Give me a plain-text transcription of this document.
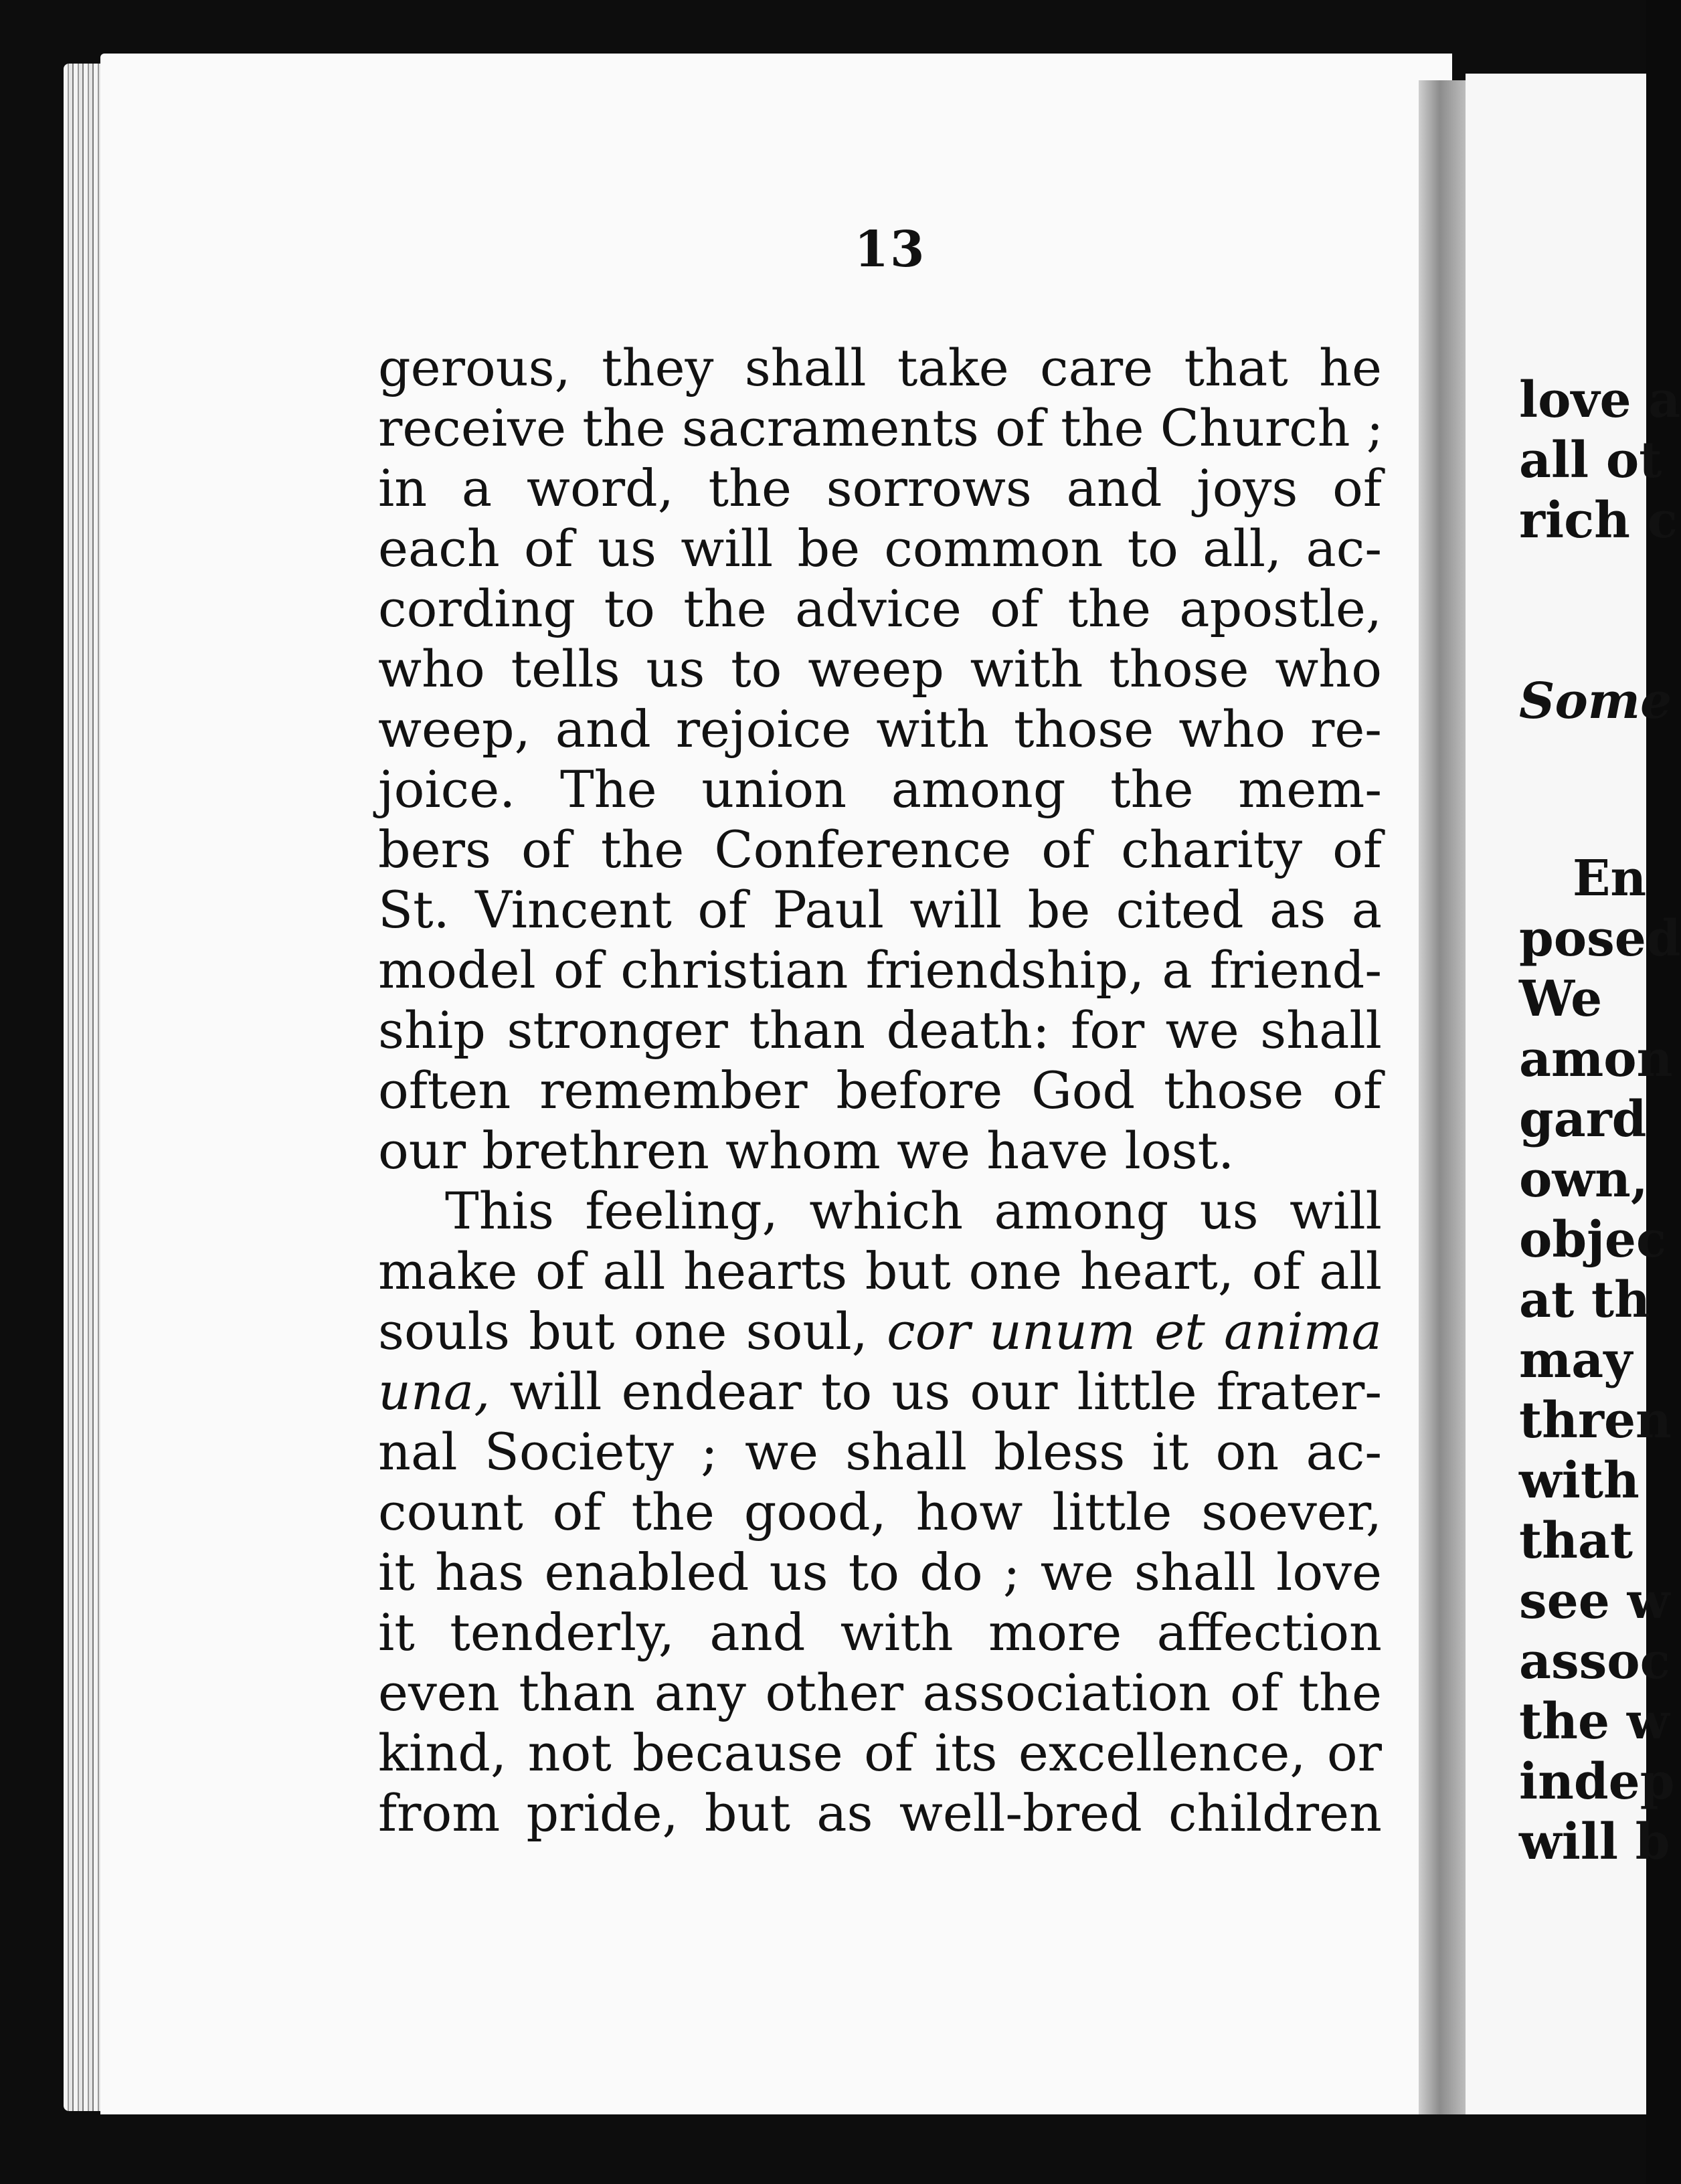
13
gerous, they shall take care that he
receive the sacraments of the Church ;
in a word, the sorrows and joys of
each of us will be common to all, ac-
cording to the advice of the apostle,
who tells us to weep with those who
weep, and rejoice with those who re-
joice. The union among the mem-
bers of the Conference of charity of
St. Vincent of Paul will be cited as a
model of christian friendship, a friend-
ship stronger than death: for we shall
often remember before God those of
our brethren whom we have lost.
This feeling, which among us will
make of all hearts but one heart, of all
souls but one soul, cor unum et anima
una, will endear to us our little frater-
nal Society ; we shall bless it on ac-
count of the good, how little soever,
it has enabled us to do ; we shall love
it tenderly, and with more affection
even than any other association of the
kind, not because of its excellence, or
from pride, but as well-bred children
love a
all ot
rich c
Some
En
posed
We
amon
gard
own,
objec
at th
may
thren
with
that
see w
assoc
the w
indep
will b
